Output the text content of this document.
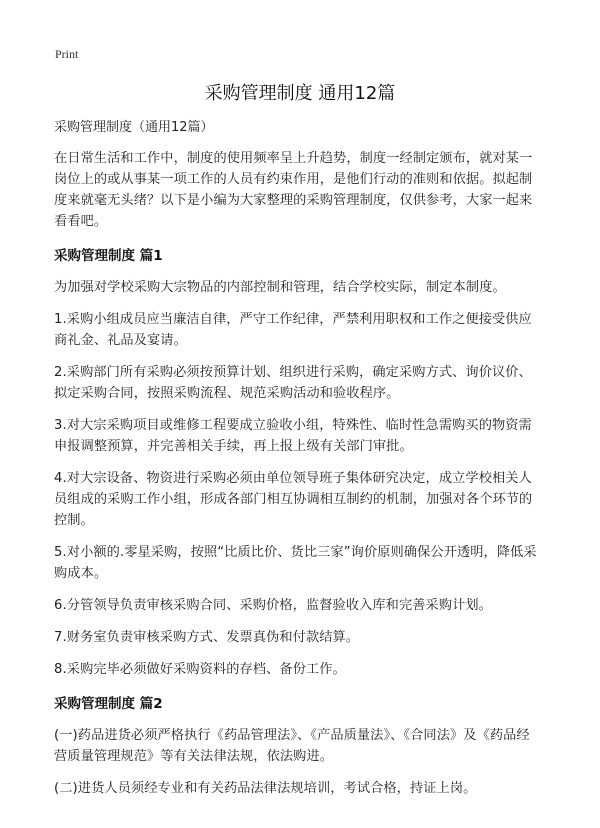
Print
采购管理制度 通用12篇

采购管理制度（通用12篇）

在日常生活和工作中，制度的使用频率呈上升趋势，制度一经制定颁布，就对某一岗位上的或从事某一项工作的人员有约束作用，是他们行动的准则和依据。拟起制度来就毫无头绪？以下是小编为大家整理的采购管理制度，仅供参考，大家一起来看看吧。

采购管理制度 篇1

为加强对学校采购大宗物品的内部控制和管理，结合学校实际，制定本制度。

1.采购小组成员应当廉洁自律，严守工作纪律，严禁利用职权和工作之便接受供应商礼金、礼品及宴请。

2.采购部门所有采购必须按预算计划、组织进行采购，确定采购方式、询价议价、拟定采购合同，按照采购流程、规范采购活动和验收程序。

3.对大宗采购项目或维修工程要成立验收小组，特殊性、临时性急需购买的物资需申报调整预算，并完善相关手续，再上报上级有关部门审批。

4.对大宗设备、物资进行采购必须由单位领导班子集体研究决定，成立学校相关人员组成的采购工作小组，形成各部门相互协调相互制约的机制，加强对各个环节的控制。

5.对小额的.零星采购，按照“比质比价、货比三家”询价原则确保公开透明，降低采购成本。

6.分管领导负责审核采购合同、采购价格，监督验收入库和完善采购计划。

7.财务室负责审核采购方式、发票真伪和付款结算。

8.采购完毕必须做好采购资料的存档、备份工作。

采购管理制度 篇2

(一)药品进货必须严格执行《药品管理法》、《产品质量法》、《合同法》及《药品经营质量管理规范》等有关法律法规，依法购进。

(二)进货人员须经专业和有关药品法律法规培训，考试合格，持证上岗。
